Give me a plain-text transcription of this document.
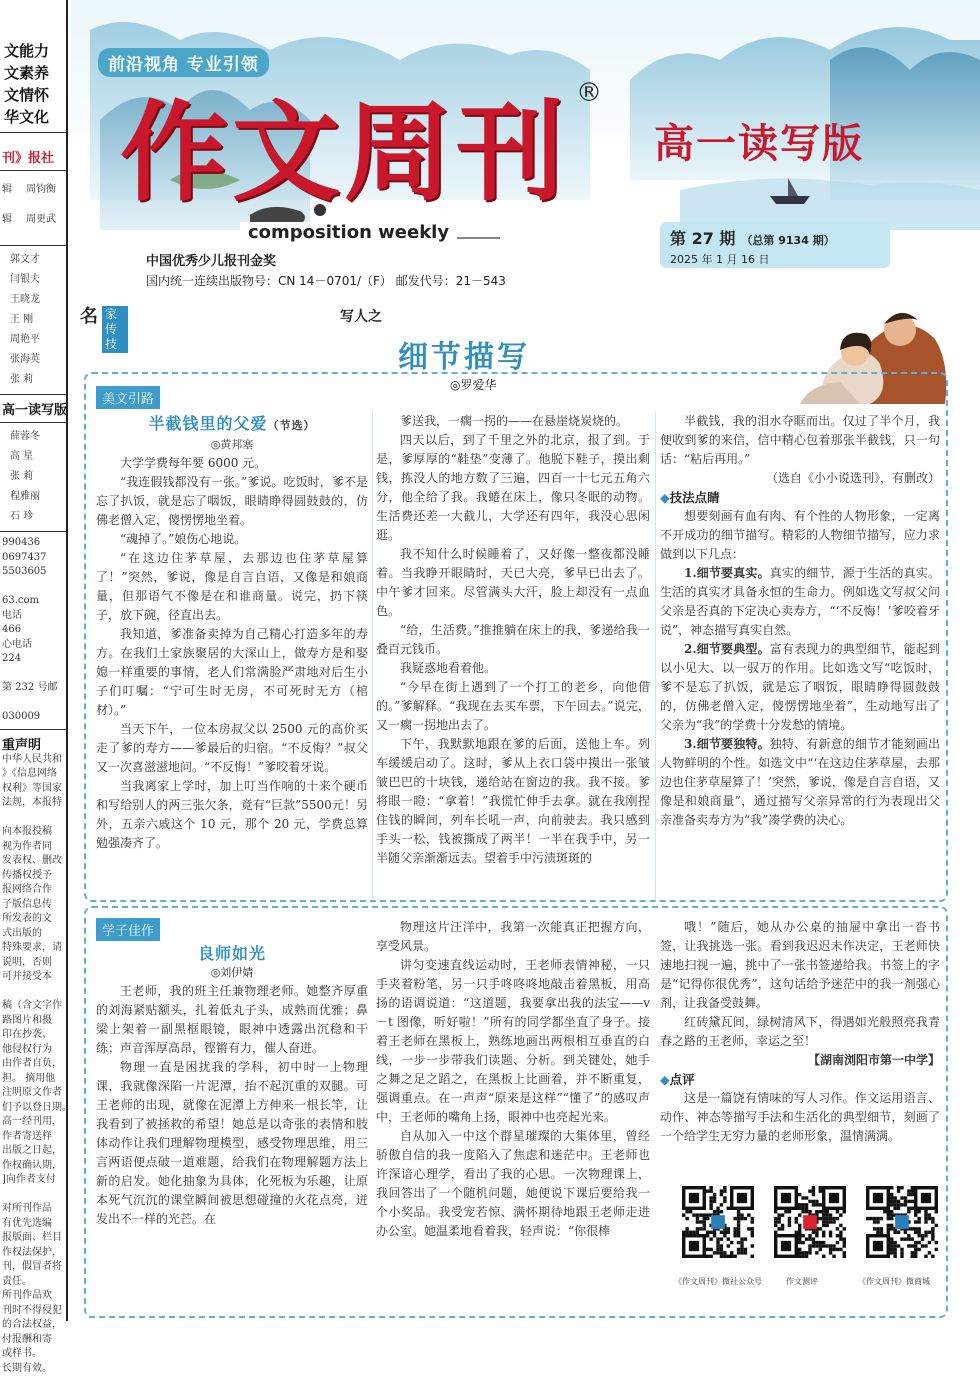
文能力
文素养
文情怀
华文化
刊》报社
辑 周钧衡
辑 周更武
郭文才
闫银夫
王晓龙
王 刚
周艳平
张海英
张 莉
高一读写版
薛蓉冬
高 星
张 莉
程雅丽
石 珍
990436
0697437
5503605

63.com
电话
466
心电话
224

第 232 号邮

030009
重声明
中华人民共和
》《信息网络
权利》等国家
法规，本报特

向本报投稿
视为作者同
发表权、删改
传播权授予
报网络合作
子版信息传
所发表的文
式出版的
特殊要求，请
说明，否则
可并接受本

稿（含文字作
路图片和摄
印在抄袭、
他侵权行为
由作者自负，
担。 摘用他
注明原文作者
们予以登日期。
高一经刊用，
作者寄送样
出版之日起，
作权确认期，
]向作者支付

对所刊作品
有优先选编
报版面、栏目
作权法保护，
刊，假冒者将
责任。
所刊作品欢
刊时不得侵犯
的合法权益，
付报酬和寄
或样书。
长期有效。
前沿视角 专业引领
作文周刊 ®
composition weekly
中国优秀少儿报刊金奖
国内统一连续出版物号：CN 14－0701/（F） 邮发代号：21－543
高一读写版
第 27 期 （总第 9134 期）
2025 年 1 月 16 日
名 家传技
写人之
细节描写
◎罗爱华
美文引路
学子佳作

半截钱里的父爱（节选）

◎黄邦塞

大学学费每年要 6000 元。

“我连假钱都没有一张。”爹说。吃饭时，爹不是忘了扒饭，就是忘了咽饭，眼睛睁得圆鼓鼓的，仿佛老僧入定，傻愣愣地坐着。

“魂掉了。”娘伤心地说。

“在这边住茅草屋，去那边也住茅草屋算了！”突然，爹说，像是自言自语，又像是和娘商量，但那语气不像是在和谁商量。说完，扔下筷子，放下碗，径直出去。

我知道，爹准备卖掉为自己精心打造多年的寿方。在我们土家族聚居的大深山上，做寿方是和娶媳一样重要的事情，老人们常满脸严肃地对后生小子们叮嘱：“宁可生时无房，不可死时无方（棺材）。”

当天下午，一位本房叔父以 2500 元的高价买走了爹的寿方——爹最后的归宿。“不反悔？”叔父又一次喜滋滋地问。“不反悔！”爹咬着牙说。

当我离家上学时，加上叮当作响的十来个硬币和写给别人的两三张欠条，竟有“巨款”5500元！另外，五亲六戚这个 10 元，那个 20 元，学费总算勉强凑齐了。

爹送我，一瘸一拐的——在悬崖烧炭烧的。

四天以后，到了千里之外的北京，报了到。于是，爹厚厚的“鞋垫”变薄了。他脱下鞋子，摸出剩钱，拣没人的地方数了三遍，四百一十七元五角六分，他全给了我。我蜷在床上，像只冬眠的动物。生活费还差一大截儿，大学还有四年，我没心思闲逛。

我不知什么时候睡着了，又好像一整夜都没睡着。当我睁开眼睛时，天已大亮，爹早已出去了。中午爹才回来。尽管满头大汗，脸上却没有一点血色。

“给，生活费。”推推躺在床上的我，爹递给我一叠百元钱币。

我疑惑地看着他。

“今早在街上遇到了一个打工的老乡，向他借的。”爹解释。“我现在去买车票，下午回去。”说完，又一瘸一拐地出去了。

下午，我默默地跟在爹的后面，送他上车。列车缓缓启动了。这时，爹从上衣口袋中摸出一张皱皱巴巴的十块钱，递给站在窗边的我。我不接。爹将眼一瞪：“拿着！”我慌忙伸手去拿。就在我刚捏住钱的瞬间，列车长吼一声，向前驶去。我只感到手头一松，钱被撕成了两半！一半在我手中，另一半随父亲渐渐远去。望着手中污渍斑斑的

半截钱，我的泪水夺眶而出。仅过了半个月，我便收到爹的来信，信中精心包着那张半截钱，只一句话：“粘后再用。”

（选自《小小说选刊》，有删改）

◆技法点睛

想要刻画有血有肉、有个性的人物形象，一定离不开成功的细节描写。精彩的人物细节描写，应力求做到以下几点：

1.细节要真实。真实的细节，源于生活的真实。生活的真实才具备永恒的生命力。例如选文写叔父问父亲是否真的下定决心卖寿方，“‘不反悔！’爹咬着牙说”，神态描写真实自然。

2.细节要典型。富有表现力的典型细节，能起到以小见大、以一驭万的作用。比如选文写“吃饭时，爹不是忘了扒饭，就是忘了咽饭，眼睛睁得圆鼓鼓的，仿佛老僧入定，傻愣愣地坐着”，生动地写出了父亲为“我”的学费十分发愁的情境。

3.细节要独特。独特、有新意的细节才能刻画出人物鲜明的个性。如选文中“‘在这边住茅草屋，去那边也住茅草屋算了！’突然，爹说，像是自言自语，又像是和娘商量”，通过描写父亲异常的行为表现出父亲准备卖寿方为“我”凑学费的决心。

良师如光

◎刘伊婧

王老师，我的班主任兼物理老师。她整齐厚重的刘海紧贴额头，扎着低丸子头，成熟而优雅；鼻梁上架着一副黑框眼镜，眼神中透露出沉稳和干练；声音浑厚高昂，铿锵有力，催人奋进。

物理一直是困扰我的学科，初中时一上物理课，我就像深陷一片泥潭，抬不起沉重的双腿。可王老师的出现，就像在泥潭上方伸来一根长竿，让我看到了被拯救的希望！她总是以奇张的表情和肢体动作让我们理解物理模型，感受物理思维，用三言两语便点破一道难题，给我们在物理解题方法上新的启发。她化抽象为具体，化死板为乐趣，让原本死气沉沉的课堂瞬间被思想碰撞的火花点亮，迸发出不一样的光芒。在

物理这片汪洋中，我第一次能真正把握方向，享受风景。

讲匀变速直线运动时，王老师表情神秘，一只手夹着粉笔，另一只手咚咚咚地敲击着黑板，用高扬的语调说道：“这道题，我要拿出我的法宝——v－t 图像，听好啦！”所有的同学都坐直了身子。接着王老师在黑板上，熟练地画出两根相互垂直的白线，一步一步带我们读题、分析。到关键处，她手之舞之足之蹈之，在黑板上比画着，并不断重复，强调重点。在一声声“原来是这样”“懂了”的感叹声中，王老师的嘴角上扬，眼神中也亮起光来。

自从加入一中这个群星璀璨的大集体里，曾经骄傲自信的我一度陷入了焦虑和迷茫中。王老师也许深谙心理学，看出了我的心思。一次物理课上，我回答出了一个随机问题，她便说下课后要给我一个小奖品。我受宠若惊、满怀期待地跟王老师走进办公室。她温柔地看着我，轻声说：“你很棒

哦！”随后，她从办公桌的抽屉中拿出一沓书签，让我挑选一张。看到我迟迟未作决定，王老师快速地扫视一遍，挑中了一张书签递给我。书签上的字是“记得你很优秀”，这句话给予迷茫中的我一剂强心剂，让我备受鼓舞。

红砖黛瓦间，绿树清风下，得遇如光般照亮我青春之路的王老师，幸运之至！

【湖南浏阳市第一中学】

◆点评

这是一篇饶有情味的写人习作。作文运用语言、动作、神态等描写手法和生活化的典型细节，刻画了一个给学生无穷力量的老师形象，温情满满。

《作文周刊》微社公众号	作文测评	《作文周刊》微商城
